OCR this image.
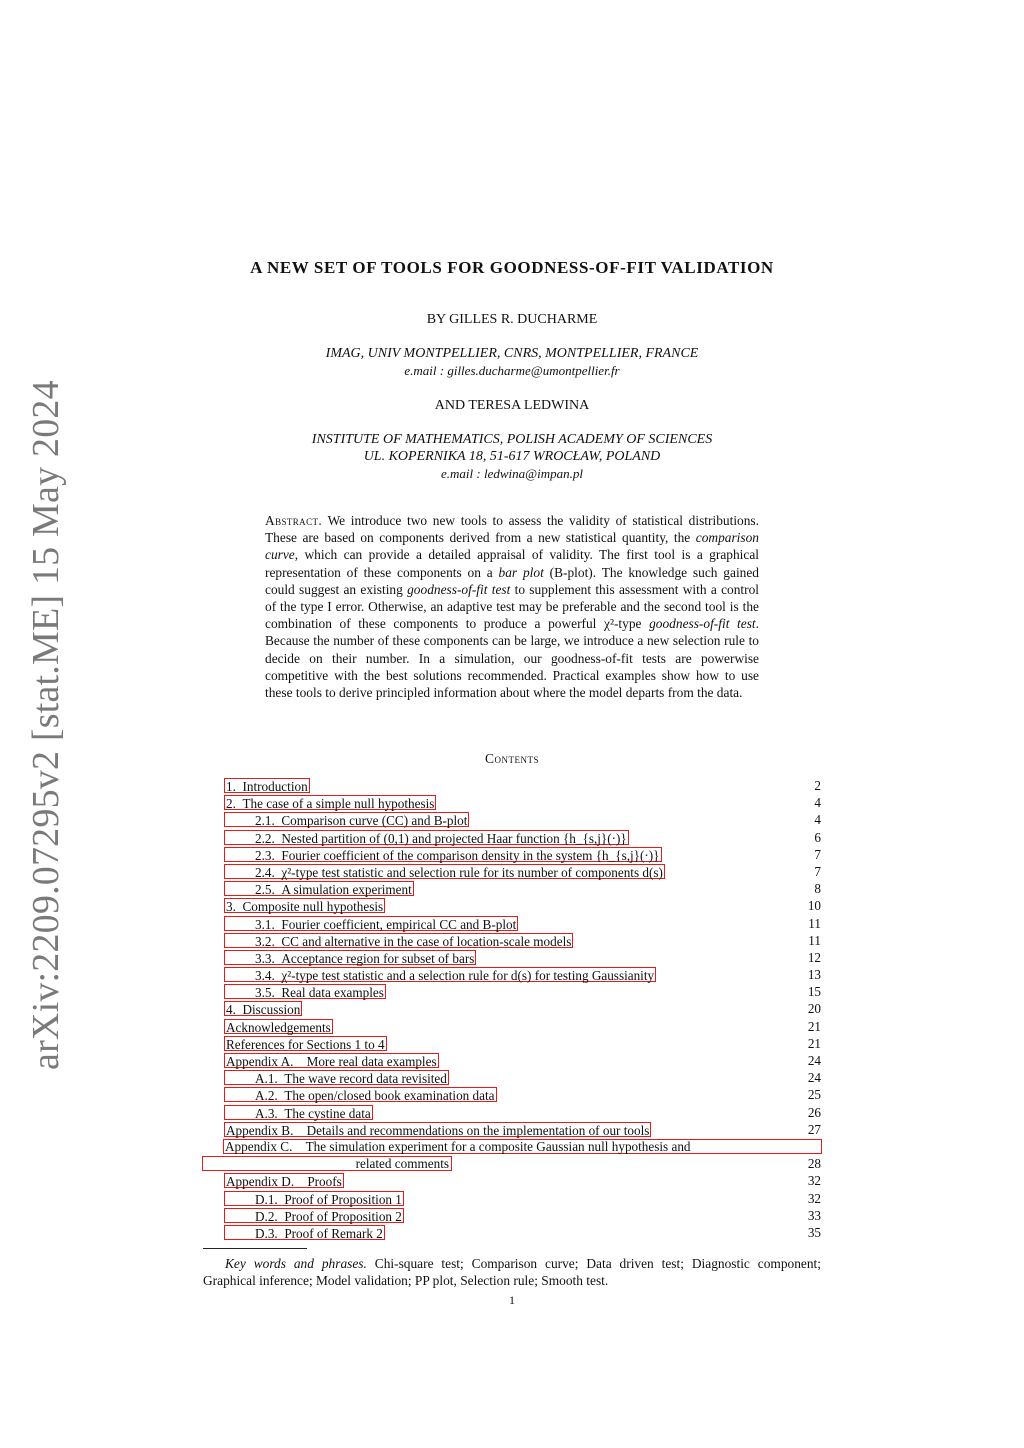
arXiv:2209.07295v2 [stat.ME] 15 May 2024
A NEW SET OF TOOLS FOR GOODNESS-OF-FIT VALIDATION
BY GILLES R. DUCHARME
IMAG, UNIV MONTPELLIER, CNRS, MONTPELLIER, FRANCE
e.mail : gilles.ducharme@umontpellier.fr
AND TERESA LEDWINA
INSTITUTE OF MATHEMATICS, POLISH ACADEMY OF SCIENCES
UL. KOPERNIKA 18, 51-617 WROCŁAW, POLAND
e.mail : ledwina@impan.pl
Abstract. We introduce two new tools to assess the validity of statistical distributions. These are based on components derived from a new statistical quantity, the comparison curve, which can provide a detailed appraisal of validity. The first tool is a graphical representation of these components on a bar plot (B-plot). The knowledge such gained could suggest an existing goodness-of-fit test to supplement this assessment with a control of the type I error. Otherwise, an adaptive test may be preferable and the second tool is the combination of these components to produce a powerful χ²-type goodness-of-fit test. Because the number of these components can be large, we introduce a new selection rule to decide on their number. In a simulation, our goodness-of-fit tests are powerwise competitive with the best solutions recommended. Practical examples show how to use these tools to derive principled information about where the model departs from the data.
Contents
1.  Introduction	2
2.  The case of a simple null hypothesis	4
2.1.  Comparison curve (CC) and B-plot	4
2.2.  Nested partition of (0,1) and projected Haar function {h_{s,j}(·)}	6
2.3.  Fourier coefficient of the comparison density in the system {h_{s,j}(·)}	7
2.4.  χ²-type test statistic and selection rule for its number of components d(s)	7
2.5.  A simulation experiment	8
3.  Composite null hypothesis	10
3.1.  Fourier coefficient, empirical CC and B-plot	11
3.2.  CC and alternative in the case of location-scale models	11
3.3.  Acceptance region for subset of bars	12
3.4.  χ²-type test statistic and a selection rule for d(s) for testing Gaussianity	13
3.5.  Real data examples	15
4.  Discussion	20
Acknowledgements	21
References for Sections 1 to 4	21
Appendix A.  More real data examples	24
A.1.  The wave record data revisited	24
A.2.  The open/closed book examination data	25
A.3.  The cystine data	26
Appendix B.  Details and recommendations on the implementation of our tools	27
Appendix C.  The simulation experiment for a composite Gaussian null hypothesis and
related comments	28
Appendix D.  Proofs	32
D.1.  Proof of Proposition 1	32
D.2.  Proof of Proposition 2	33
D.3.  Proof of Remark 2	35
Key words and phrases. Chi-square test; Comparison curve; Data driven test; Diagnostic component; Graphical inference; Model validation; PP plot, Selection rule; Smooth test.
1
